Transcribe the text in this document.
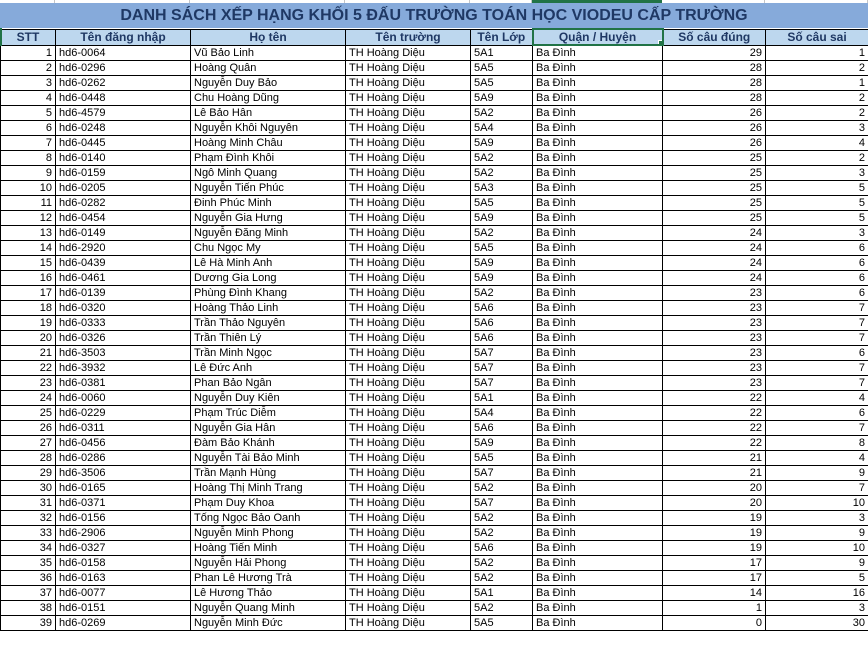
DANH SÁCH XẾP HẠNG KHỐI 5 ĐẤU TRƯỜNG TOÁN HỌC VIODEU CẤP TRƯỜNG
STT	Tên đăng nhập	Họ tên	Tên trường	Tên Lớp	Quận / Huyện	Số câu đúng	Số câu sai
1	hd6-0064	Vũ Bảo Linh	TH Hoàng Diệu	5A1	Ba Đình	29	1
2	hd6-0296	Hoàng Quân	TH Hoàng Diệu	5A5	Ba Đình	28	2
3	hd6-0262	Nguyễn Duy Bảo	TH Hoàng Diệu	5A5	Ba Đình	28	1
4	hd6-0448	Chu Hoàng Dũng	TH Hoàng Diệu	5A9	Ba Đình	28	2
5	hd6-4579	Lê Bảo Hân	TH Hoàng Diệu	5A2	Ba Đình	26	2
6	hd6-0248	Nguyễn Khôi Nguyên	TH Hoàng Diệu	5A4	Ba Đình	26	3
7	hd6-0445	Hoàng Minh Châu	TH Hoàng Diệu	5A9	Ba Đình	26	4
8	hd6-0140	Phạm Đình Khôi	TH Hoàng Diệu	5A2	Ba Đình	25	2
9	hd6-0159	Ngô Minh Quang	TH Hoàng Diệu	5A2	Ba Đình	25	3
10	hd6-0205	Nguyễn Tiến Phúc	TH Hoàng Diệu	5A3	Ba Đình	25	5
11	hd6-0282	Đinh Phúc Minh	TH Hoàng Diệu	5A5	Ba Đình	25	5
12	hd6-0454	Nguyễn Gia Hưng	TH Hoàng Diệu	5A9	Ba Đình	25	5
13	hd6-0149	Nguyễn Đăng Minh	TH Hoàng Diệu	5A2	Ba Đình	24	3
14	hd6-2920	Chu Ngọc My	TH Hoàng Diệu	5A5	Ba Đình	24	6
15	hd6-0439	Lê Hà Minh Anh	TH Hoàng Diệu	5A9	Ba Đình	24	6
16	hd6-0461	Dương Gia Long	TH Hoàng Diệu	5A9	Ba Đình	24	6
17	hd6-0139	Phùng Đình Khang	TH Hoàng Diệu	5A2	Ba Đình	23	6
18	hd6-0320	Hoàng Thảo Linh	TH Hoàng Diệu	5A6	Ba Đình	23	7
19	hd6-0333	Trần Thảo Nguyên	TH Hoàng Diệu	5A6	Ba Đình	23	7
20	hd6-0326	Trần Thiên Lý	TH Hoàng Diệu	5A6	Ba Đình	23	7
21	hd6-3503	Trần Minh Ngọc	TH Hoàng Diệu	5A7	Ba Đình	23	6
22	hd6-3932	Lê Đức Anh	TH Hoàng Diệu	5A7	Ba Đình	23	7
23	hd6-0381	Phan Bảo Ngân	TH Hoàng Diệu	5A7	Ba Đình	23	7
24	hd6-0060	Nguyễn Duy Kiên	TH Hoàng Diệu	5A1	Ba Đình	22	4
25	hd6-0229	Phạm Trúc Diễm	TH Hoàng Diệu	5A4	Ba Đình	22	6
26	hd6-0311	Nguyễn Gia Hân	TH Hoàng Diệu	5A6	Ba Đình	22	7
27	hd6-0456	Đàm Bảo Khánh	TH Hoàng Diệu	5A9	Ba Đình	22	8
28	hd6-0286	Nguyễn Tài Bảo Minh	TH Hoàng Diệu	5A5	Ba Đình	21	4
29	hd6-3506	Trần Mạnh Hùng	TH Hoàng Diệu	5A7	Ba Đình	21	9
30	hd6-0165	Hoàng Thị Minh Trang	TH Hoàng Diệu	5A2	Ba Đình	20	7
31	hd6-0371	Phạm Duy Khoa	TH Hoàng Diệu	5A7	Ba Đình	20	10
32	hd6-0156	Tống Ngọc Bảo Oanh	TH Hoàng Diệu	5A2	Ba Đình	19	3
33	hd6-2906	Nguyễn Minh Phong	TH Hoàng Diệu	5A2	Ba Đình	19	9
34	hd6-0327	Hoàng Tiến Minh	TH Hoàng Diệu	5A6	Ba Đình	19	10
35	hd6-0158	Nguyễn Hải Phong	TH Hoàng Diệu	5A2	Ba Đình	17	9
36	hd6-0163	Phan Lê Hương Trà	TH Hoàng Diệu	5A2	Ba Đình	17	5
37	hd6-0077	Lê Hương Thảo	TH Hoàng Diệu	5A1	Ba Đình	14	16
38	hd6-0151	Nguyễn Quang Minh	TH Hoàng Diệu	5A2	Ba Đình	1	3
39	hd6-0269	Nguyễn Minh Đức	TH Hoàng Diệu	5A5	Ba Đình	0	30
